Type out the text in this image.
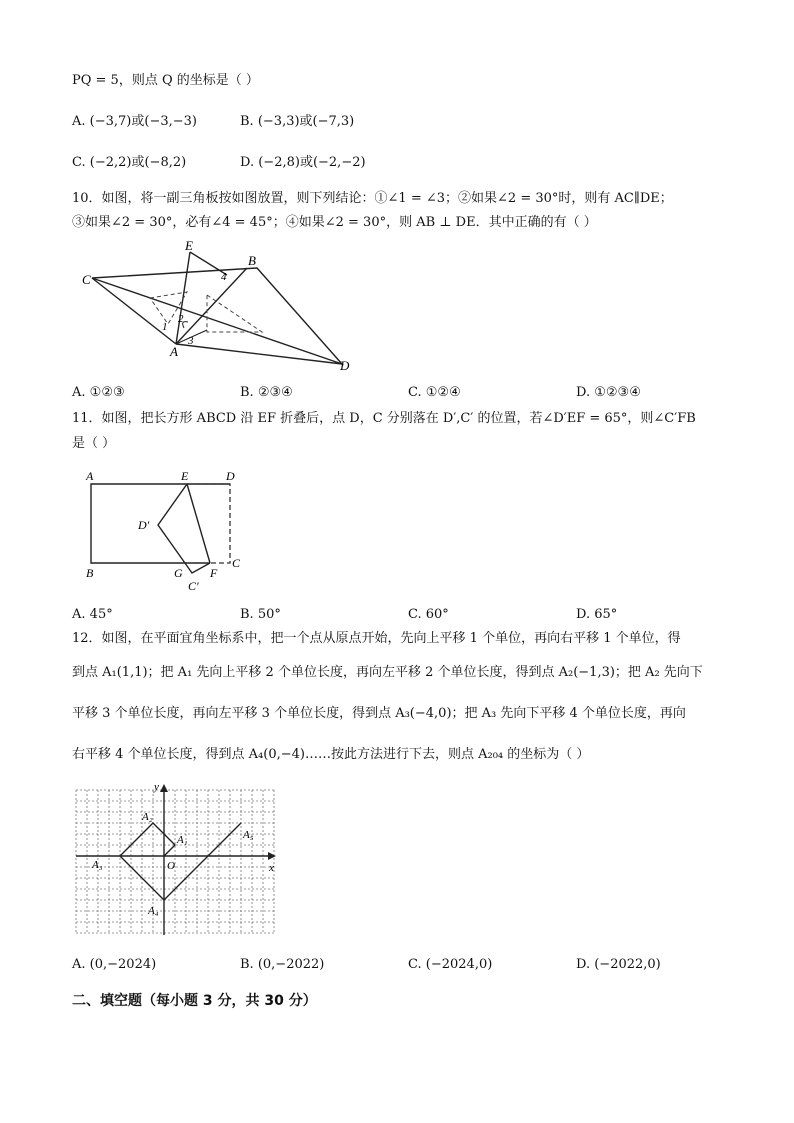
PQ = 5，则点 Q 的坐标是（ ）
A. (−3,7)或(−3,−3)	B. (−3,3)或(−7,3)
C. (−2,2)或(−8,2)	D. (−2,8)或(−2,−2)
10．如图，将一副三角板按如图放置，则下列结论：①∠1 = ∠3；②如果∠2 = 30°时，则有 AC∥DE；
③如果∠2 = 30°，必有∠4 = 45°；④如果∠2 = 30°，则 AB ⊥ DE．其中正确的有（ ）
C
E
B
A
D
1
2
3
4
A. ①②③	B. ②③④	C. ①②④	D. ①②③④
11．如图，把长方形 ABCD 沿 EF 折叠后，点 D，C 分别落在 D′,C′ 的位置，若∠D′EF = 65°，则∠C′FB
是（ ）
A	E	D
D′
C
B	G F
C′
A. 45°	B. 50°	C. 60°	D. 65°
12．如图，在平面宜角坐标系中，把一个点从原点开始，先向上平移 1 个单位，再向右平移 1 个单位，得
到点 A₁(1,1)；把 A₁ 先向上平移 2 个单位长度，再向左平移 2 个单位长度，得到点 A₂(−1,3)；把 A₂ 先向下
平移 3 个单位长度，再向左平移 3 个单位长度，得到点 A₃(−4,0)；把 A₃ 先向下平移 4 个单位长度，再向
右平移 4 个单位长度，得到点 A₄(0,−4)……按此方法进行下去，则点 A₂₀₄ 的坐标为（ ）
y
x
O
A₁
A₂
A₃
A₄
A₅
A. (0,−2024)	B. (0,−2022)	C. (−2024,0)	D. (−2022,0)
二、填空题（每小题 3 分，共 30 分）
